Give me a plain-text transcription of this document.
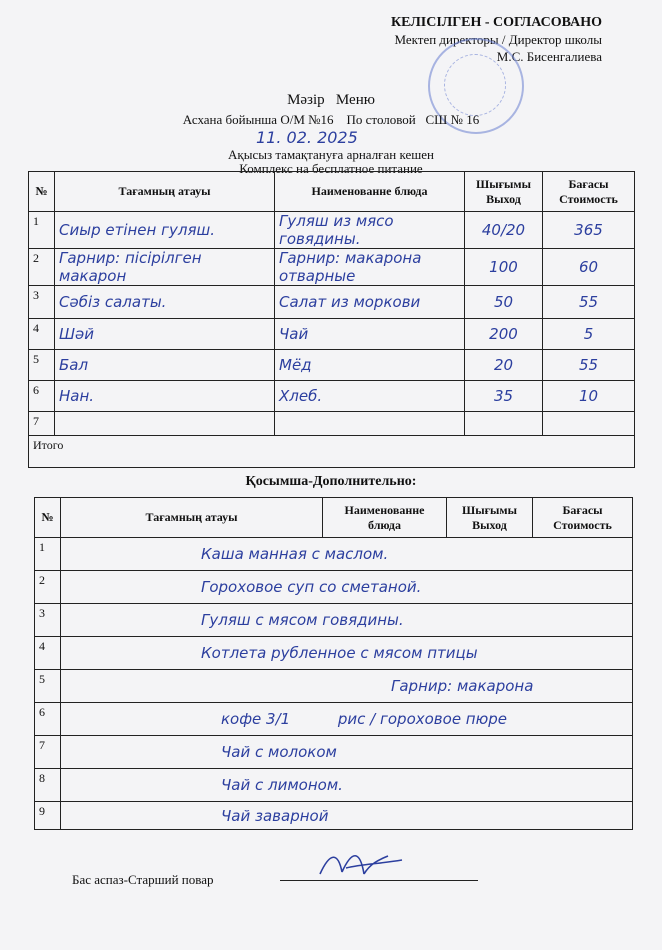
КЕЛІСІЛГЕН - СОГЛАСОВАНО
Мектеп директоры / Директор школы
М.С. Бисенгалиева
Мәзір Меню
Асхана бойынша О/М №16    По столовой   СШ № 16
11. 02. 2025
Ақысыз тамақтануға арналған кешен
Комплекс на бесплатное питание
№	Тағамның атауы	Наименованне блюда	Шығымы Выход	Бағасы Стоимость
1	Сиыр етінен гуляш.	Гуляш из мясо говядины.	40/20	365
2	Гарнир: пісірілген макарон	Гарнир: макарона отварные	100	60
3	Сәбіз салаты.	Салат из моркови	50	55
4	Шәй	Чай	200	5
5	Бал	Мёд	20	55
6	Нан.	Хлеб.	35	10
7				
Итого				
Қосымша-Дополнительно:
№	Тағамның атауы	Наименованне блюда	Шығымы Выход	Бағасы Стоимость
1	Каша манная с маслом.			
2	Гороховое суп со сметаной.			
3	Гуляш с мясом говядины.			
4	Котлета рубленное с мясом птицы			
5	Гарнир: макарона			
6	кофе 3/1          рис / гороховое пюре			
7	Чай с молоком			
8	Чай с лимоном.			
9	Чай заварной			
Бас аспаз-Старший повар
